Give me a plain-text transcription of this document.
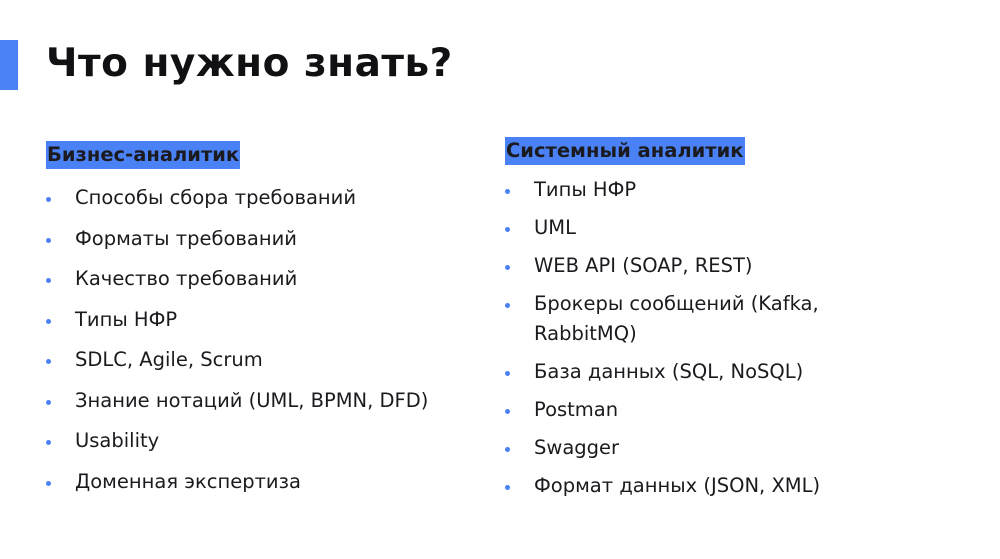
Что нужно знать?
Бизнес-аналитик
Способы сбора требований
Форматы требований
Качество требований
Типы НФР
SDLC, Agile, Scrum
Знание нотаций (UML, BPMN, DFD)
Usability
Доменная экспертиза
Системный аналитик
Типы НФР
UML
WEB API (SOAP, REST)
Брокеры сообщений (Kafka, RabbitMQ)
База данных (SQL, NoSQL)
Postman
Swagger
Формат данных (JSON, XML)
